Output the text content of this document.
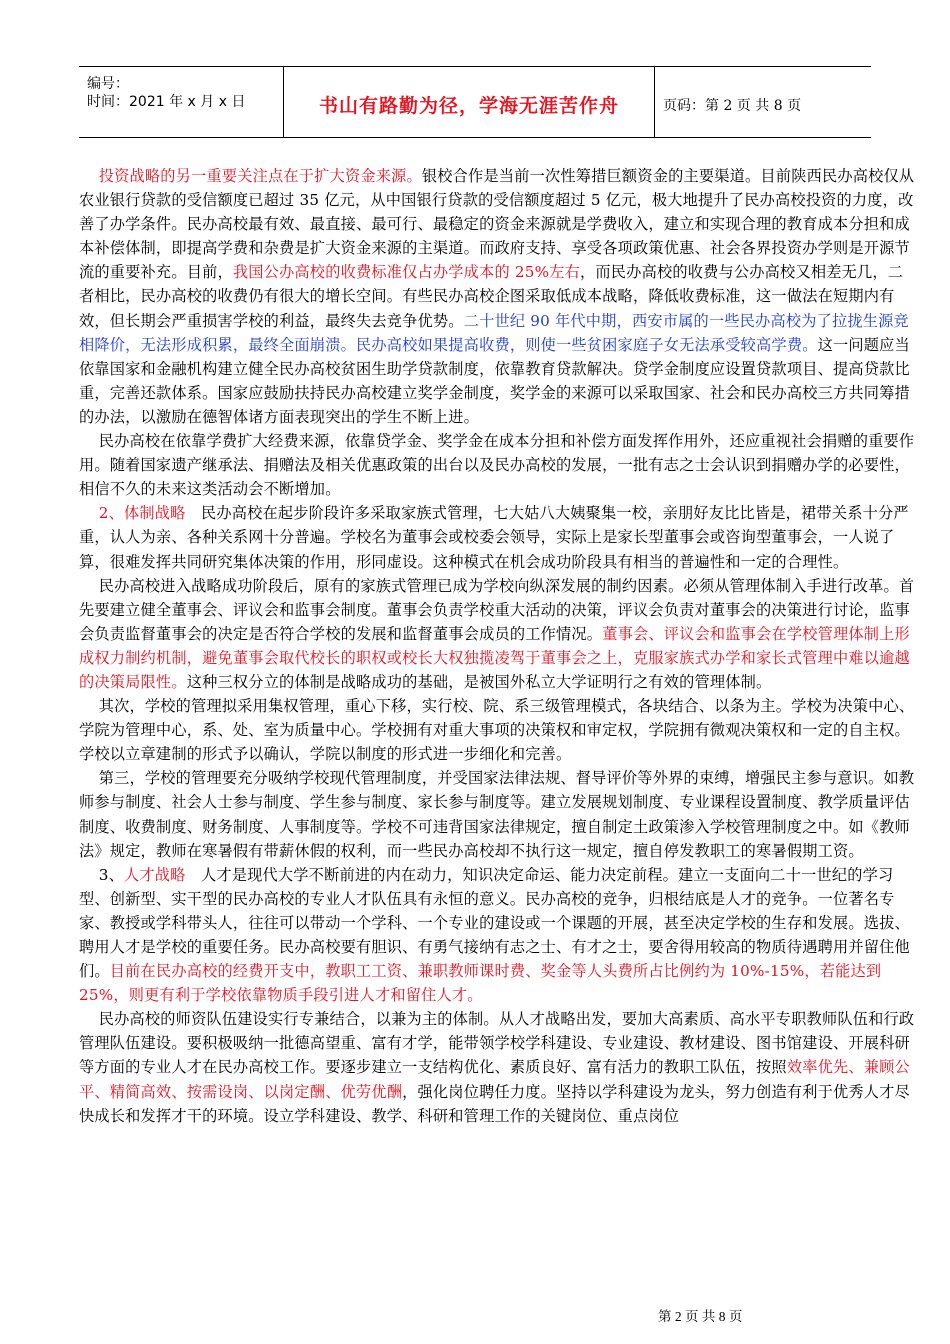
编号：
时间：2021 年 x 月 x 日	书山有路勤为径，学海无涯苦作舟	页码：第 2 页 共 8 页

投资战略的另一重要关注点在于扩大资金来源。银校合作是当前一次性筹措巨额资金的主要渠道。目前陕西民办高校仅从农业银行贷款的受信额度已超过 35 亿元，从中国银行贷款的受信额度超过 5 亿元，极大地提升了民办高校投资的力度，改善了办学条件。民办高校最有效、最直接、最可行、最稳定的资金来源就是学费收入，建立和实现合理的教育成本分担和成本补偿体制，即提高学费和杂费是扩大资金来源的主渠道。而政府支持、享受各项政策优惠、社会各界投资办学则是开源节流的重要补充。目前，我国公办高校的收费标准仅占办学成本的 25%左右，而民办高校的收费与公办高校又相差无几，二者相比，民办高校的收费仍有很大的增长空间。有些民办高校企图采取低成本战略，降低收费标准，这一做法在短期内有效，但长期会严重损害学校的利益，最终失去竞争优势。二十世纪 90 年代中期，西安市属的一些民办高校为了拉拢生源竞相降价，无法形成积累，最终全面崩溃。民办高校如果提高收费，则使一些贫困家庭子女无法承受较高学费。这一问题应当依靠国家和金融机构建立健全民办高校贫困生助学贷款制度，依靠教育贷款解决。贷学金制度应设置贷款项目、提高贷款比重，完善还款体系。国家应鼓励扶持民办高校建立奖学金制度，奖学金的来源可以采取国家、社会和民办高校三方共同筹措的办法，以激励在德智体诸方面表现突出的学生不断上进。

民办高校在依靠学费扩大经费来源，依靠贷学金、奖学金在成本分担和补偿方面发挥作用外，还应重视社会捐赠的重要作用。随着国家遗产继承法、捐赠法及相关优惠政策的出台以及民办高校的发展，一批有志之士会认识到捐赠办学的必要性，相信不久的未来这类活动会不断增加。

2、体制战略　民办高校在起步阶段许多采取家族式管理，七大姑八大姨聚集一校，亲朋好友比比皆是，裙带关系十分严重，认人为亲、各种关系网十分普遍。学校名为董事会或校委会领导，实际上是家长型董事会或咨询型董事会，一人说了算，很难发挥共同研究集体决策的作用，形同虚设。这种模式在机会成功阶段具有相当的普遍性和一定的合理性。

民办高校进入战略成功阶段后，原有的家族式管理已成为学校向纵深发展的制约因素。必须从管理体制入手进行改革。首先要建立健全董事会、评议会和监事会制度。董事会负责学校重大活动的决策，评议会负责对董事会的决策进行讨论，监事会负责监督董事会的决定是否符合学校的发展和监督董事会成员的工作情况。董事会、评议会和监事会在学校管理体制上形成权力制约机制，避免董事会取代校长的职权或校长大权独揽凌驾于董事会之上，克服家族式办学和家长式管理中难以逾越的决策局限性。这种三权分立的体制是战略成功的基础，是被国外私立大学证明行之有效的管理体制。

其次，学校的管理拟采用集权管理，重心下移，实行校、院、系三级管理模式，各块结合、以条为主。学校为决策中心、学院为管理中心，系、处、室为质量中心。学校拥有对重大事项的决策权和审定权，学院拥有微观决策权和一定的自主权。学校以立章建制的形式予以确认，学院以制度的形式进一步细化和完善。

第三，学校的管理要充分吸纳学校现代管理制度，并受国家法律法规、督导评价等外界的束缚，增强民主参与意识。如教师参与制度、社会人士参与制度、学生参与制度、家长参与制度等。建立发展规划制度、专业课程设置制度、教学质量评估制度、收费制度、财务制度、人事制度等。学校不可违背国家法律规定，擅自制定土政策渗入学校管理制度之中。如《教师法》规定，教师在寒暑假有带薪休假的权利，而一些民办高校却不执行这一规定，擅自停发教职工的寒暑假期工资。

3、人才战略　人才是现代大学不断前进的内在动力，知识决定命运、能力决定前程。建立一支面向二十一世纪的学习型、创新型、实干型的民办高校的专业人才队伍具有永恒的意义。民办高校的竞争，归根结底是人才的竞争。一位著名专家、教授或学科带头人，往往可以带动一个学科、一个专业的建设或一个课题的开展，甚至决定学校的生存和发展。选拔、聘用人才是学校的重要任务。民办高校要有胆识、有勇气接纳有志之士、有才之士，要舍得用较高的物质待遇聘用并留住他们。目前在民办高校的经费开支中，教职工工资、兼职教师课时费、奖金等人头费所占比例约为 10%-15%，若能达到 25%，则更有利于学校依靠物质手段引进人才和留住人才。

民办高校的师资队伍建设实行专兼结合，以兼为主的体制。从人才战略出发，要加大高素质、高水平专职教师队伍和行政管理队伍建设。要积极吸纳一批德高望重、富有才学，能带领学校学科建设、专业建设、教材建设、图书馆建设、开展科研等方面的专业人才在民办高校工作。要逐步建立一支结构优化、素质良好、富有活力的教职工队伍，按照效率优先、兼顾公平、精简高效、按需设岗、以岗定酬、优劳优酬，强化岗位聘任力度。坚持以学科建设为龙头，努力创造有利于优秀人才尽快成长和发挥才干的环境。设立学科建设、教学、科研和管理工作的关键岗位、重点岗位

第 2 页 共 8 页
